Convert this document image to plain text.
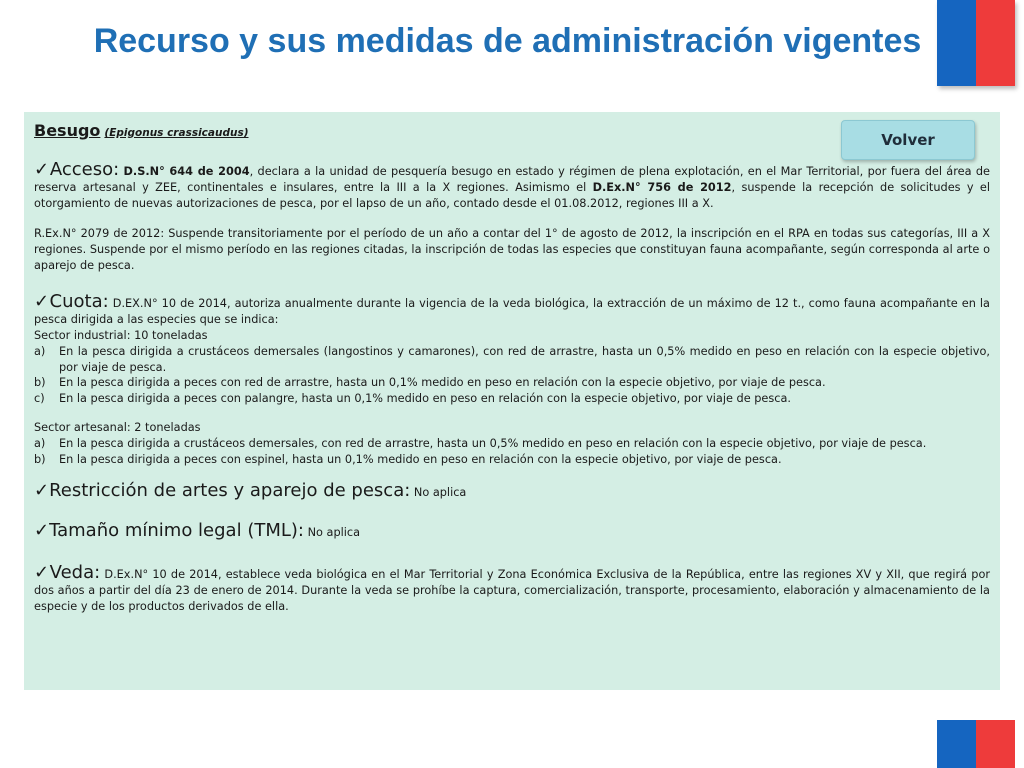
Recurso y sus medidas de administración vigentes
Besugo (Epigonus crassicaudus)	Volver

✓Acceso: D.S.N° 644 de 2004, declara a la unidad de pesquería besugo en estado y régimen de plena explotación, en el Mar Territorial, por fuera del área de reserva artesanal y ZEE, continentales e insulares, entre la III a la X regiones. Asimismo el D.Ex.N° 756 de 2012, suspende la recepción de solicitudes y el otorgamiento de nuevas autorizaciones de pesca, por el lapso de un año, contado desde el 01.08.2012, regiones III a X.

R.Ex.N° 2079 de 2012: Suspende transitoriamente por el período de un año a contar del 1° de agosto de 2012, la inscripción en el RPA en todas sus categorías, III a X regiones. Suspende por el mismo período en las regiones citadas, la inscripción de todas las especies que constituyan fauna acompañante, según corresponda al arte o aparejo de pesca.

✓Cuota: D.EX.N° 10 de 2014, autoriza anualmente durante la vigencia de la veda biológica, la extracción de un máximo de 12 t., como fauna acompañante en la pesca dirigida a las especies que se indica:

Sector industrial: 10 toneladas

a) En la pesca dirigida a crustáceos demersales (langostinos y camarones), con red de arrastre, hasta un 0,5% medido en peso en relación con la especie objetivo, por viaje de pesca.
b) En la pesca dirigida a peces con red de arrastre, hasta un 0,1% medido en peso en relación con la especie objetivo, por viaje de pesca.
c) En la pesca dirigida a peces con palangre, hasta un 0,1% medido en peso en relación con la especie objetivo, por viaje de pesca.

Sector artesanal: 2 toneladas

a) En la pesca dirigida a crustáceos demersales, con red de arrastre, hasta un 0,5% medido en peso en relación con la especie objetivo, por viaje de pesca.
b) En la pesca dirigida a peces con espinel, hasta un 0,1% medido en peso en relación con la especie objetivo, por viaje de pesca.

✓Restricción de artes y aparejo de pesca: No aplica

✓Tamaño mínimo legal (TML): No aplica

✓Veda: D.Ex.N° 10 de 2014, establece veda biológica en el Mar Territorial y Zona Económica Exclusiva de la República, entre las regiones XV y XII, que regirá por dos años a partir del día 23 de enero de 2014. Durante la veda se prohíbe la captura, comercialización, transporte, procesamiento, elaboración y almacenamiento de la especie y de los productos derivados de ella.
